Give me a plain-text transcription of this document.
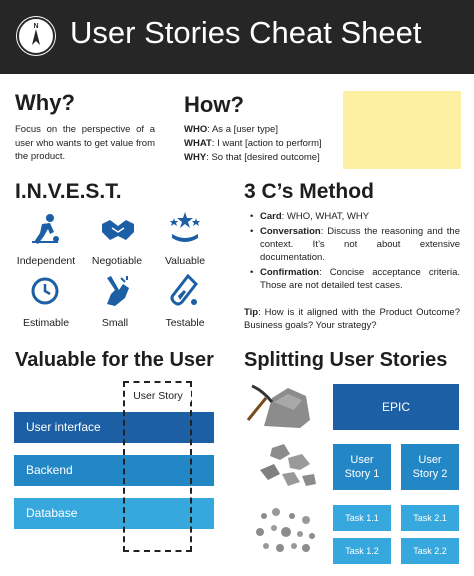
N User Stories Cheat Sheet
Why?
Focus on the perspective of a user who wants to get value from the product.
How?
WHO: As a [user type]
WHAT: I want [action to perform]
WHY: So that [desired outcome]
I.N.V.E.S.T.
Independent	Negotiable	Valuable
Estimable	Small	Testable
3 C’s Method
• Card: WHO, WHAT, WHY
• Conversation: Discuss the reasoning and the context. It’s not about extensive documentation.
• Confirmation: Concise acceptance criteria. Those are not detailed test cases.
Tip: How is it aligned with the Product Outcome? Business goals? Your strategy?
Valuable for the User
User interface
Backend
Database
User Story
Splitting User Stories
EPIC
User Story 1
User Story 2
Task 1.1	Task 2.1
Task 1.2	Task 2.2
